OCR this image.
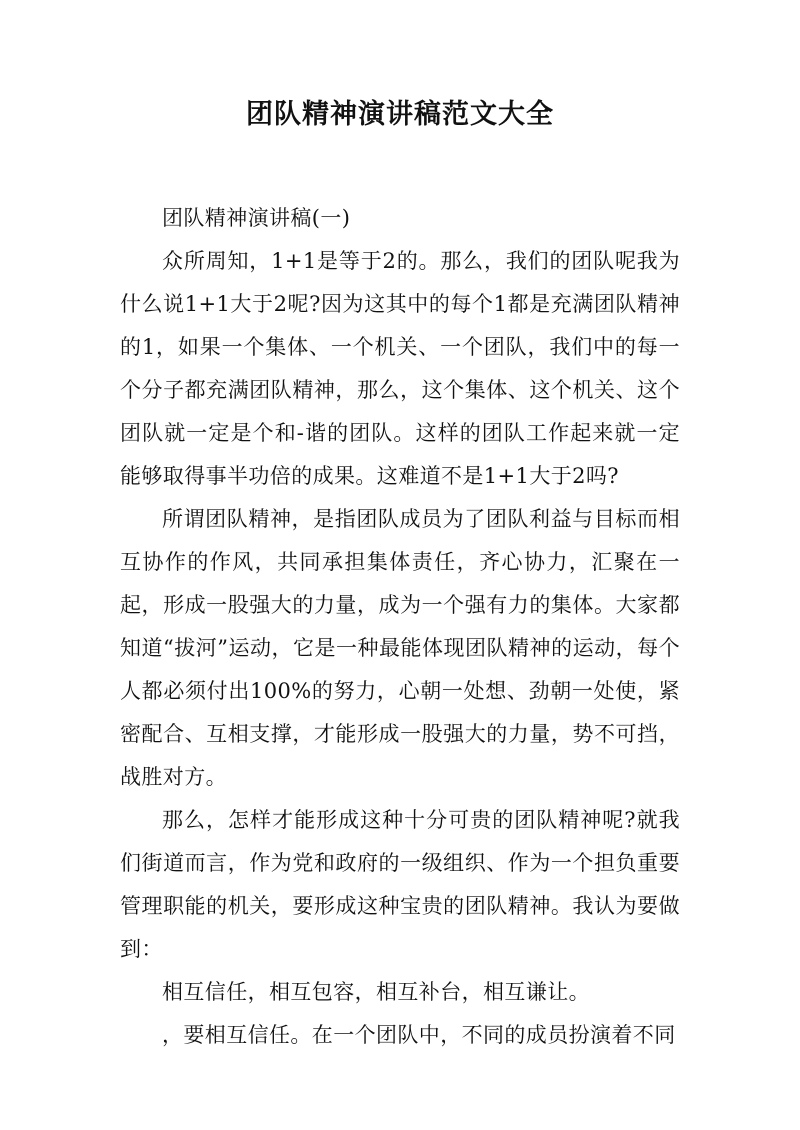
团队精神演讲稿范文大全

团队精神演讲稿(一)

众所周知，1+1是等于2的。那么，我们的团队呢我为什么说1+1大于2呢?因为这其中的每个1都是充满团队精神的1，如果一个集体、一个机关、一个团队，我们中的每一个分子都充满团队精神，那么，这个集体、这个机关、这个团队就一定是个和-谐的团队。这样的团队工作起来就一定能够取得事半功倍的成果。这难道不是1+1大于2吗?

所谓团队精神，是指团队成员为了团队利益与目标而相互协作的作风，共同承担集体责任，齐心协力，汇聚在一起，形成一股强大的力量，成为一个强有力的集体。大家都知道“拔河”运动，它是一种最能体现团队精神的运动，每个人都必须付出100%的努力，心朝一处想、劲朝一处使，紧密配合、互相支撑，才能形成一股强大的力量，势不可挡，战胜对方。

那么，怎样才能形成这种十分可贵的团队精神呢?就我们街道而言，作为党和政府的一级组织、作为一个担负重要管理职能的机关，要形成这种宝贵的团队精神。我认为要做到：

相互信任，相互包容，相互补台，相互谦让。

，要相互信任。在一个团队中，不同的成员扮演着不同
